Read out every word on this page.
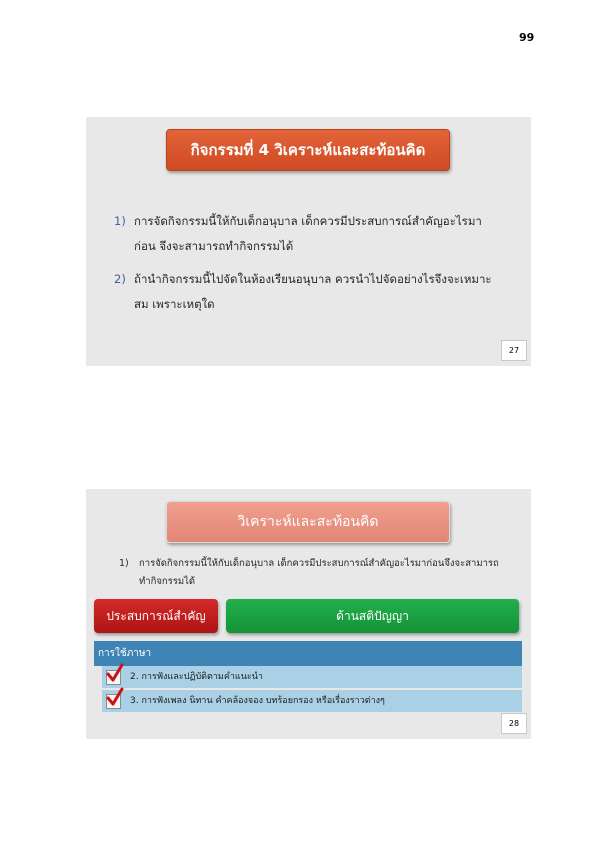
99
กิจกรรมที่ 4 วิเคราะห์และสะท้อนคิด
1) การจัดกิจกรรมนี้ให้กับเด็กอนุบาล เด็กควรมีประสบการณ์สำคัญอะไรมาก่อน จึงจะสามารถทำกิจกรรมได้
2) ถ้านำกิจกรรมนี้ไปจัดในห้องเรียนอนุบาล ควรนำไปจัดอย่างไรจึงจะเหมาะสม เพราะเหตุใด
27
วิเคราะห์และสะท้อนคิด
1) การจัดกิจกรรมนี้ให้กับเด็กอนุบาล เด็กควรมีประสบการณ์สำคัญอะไรมาก่อนจึงจะสามารถทำกิจกรรมได้
ประสบการณ์สำคัญ	ด้านสติปัญญา
การใช้ภาษา
2. การฟังและปฏิบัติตามคำแนะนำ
3. การฟังเพลง นิทาน คำคล้องจอง บทร้อยกรอง หรือเรื่องราวต่างๆ
28
